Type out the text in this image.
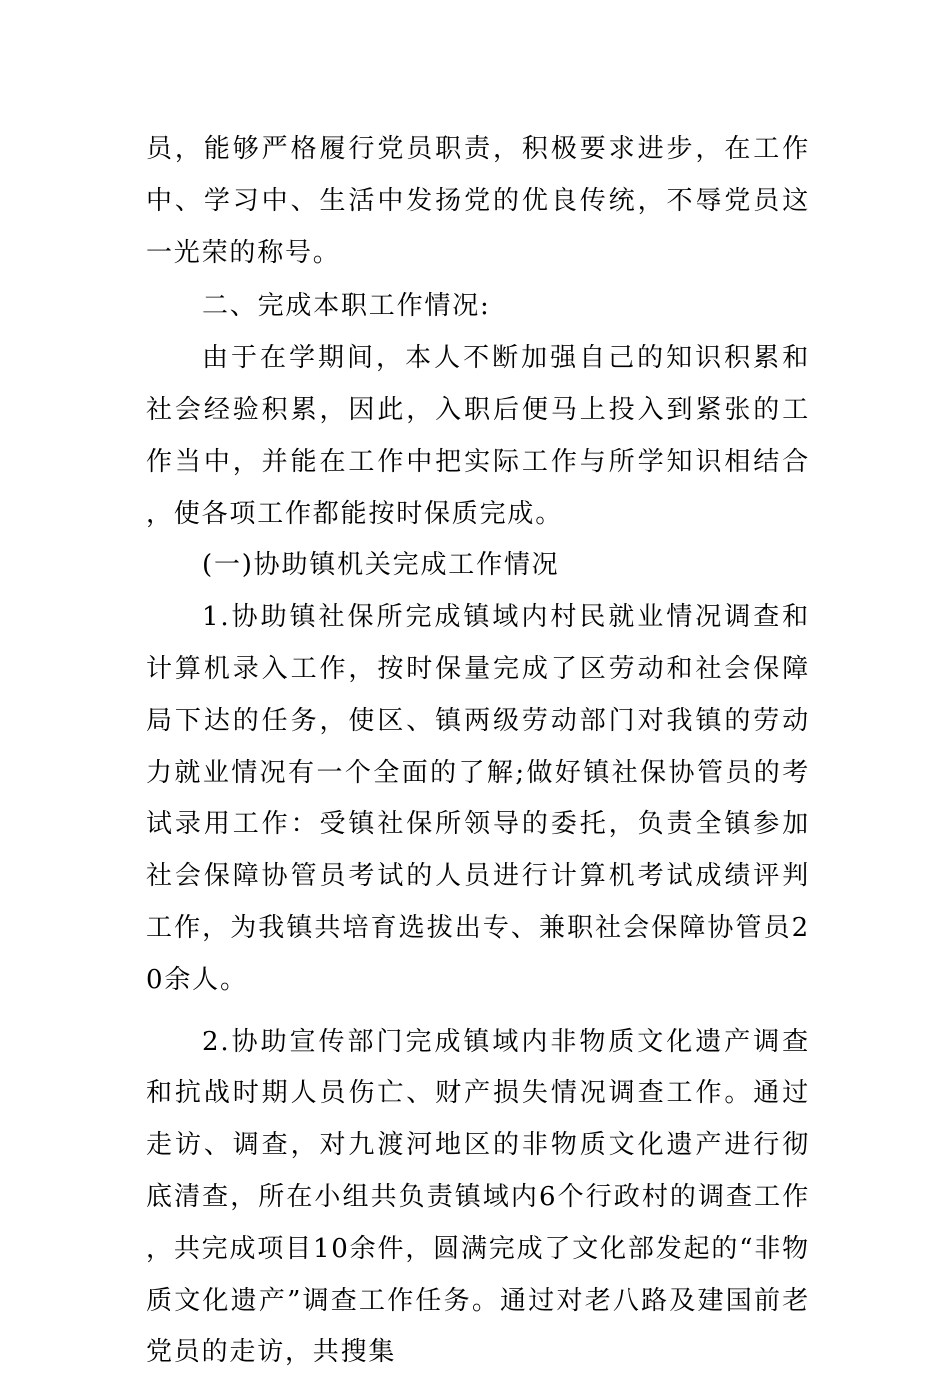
员，能够严格履行党员职责，积极要求进步，在工作中、学习中、生活中发扬党的优良传统，不辱党员这一光荣的称号。

二、完成本职工作情况:

由于在学期间，本人不断加强自己的知识积累和社会经验积累，因此，入职后便马上投入到紧张的工作当中，并能在工作中把实际工作与所学知识相结合，使各项工作都能按时保质完成。

(一)协助镇机关完成工作情况

1.协助镇社保所完成镇域内村民就业情况调查和计算机录入工作，按时保量完成了区劳动和社会保障局下达的任务，使区、镇两级劳动部门对我镇的劳动力就业情况有一个全面的了解;做好镇社保协管员的考试录用工作：受镇社保所领导的委托，负责全镇参加社会保障协管员考试的人员进行计算机考试成绩评判工作，为我镇共培育选拔出专、兼职社会保障协管员20余人。

2.协助宣传部门完成镇域内非物质文化遗产调查和抗战时期人员伤亡、财产损失情况调查工作。通过走访、调查，对九渡河地区的非物质文化遗产进行彻底清查，所在小组共负责镇域内6个行政村的调查工作，共完成项目10余件，圆满完成了文化部发起的“非物质文化遗产”调查工作任务。通过对老八路及建国前老党员的走访，共搜集
